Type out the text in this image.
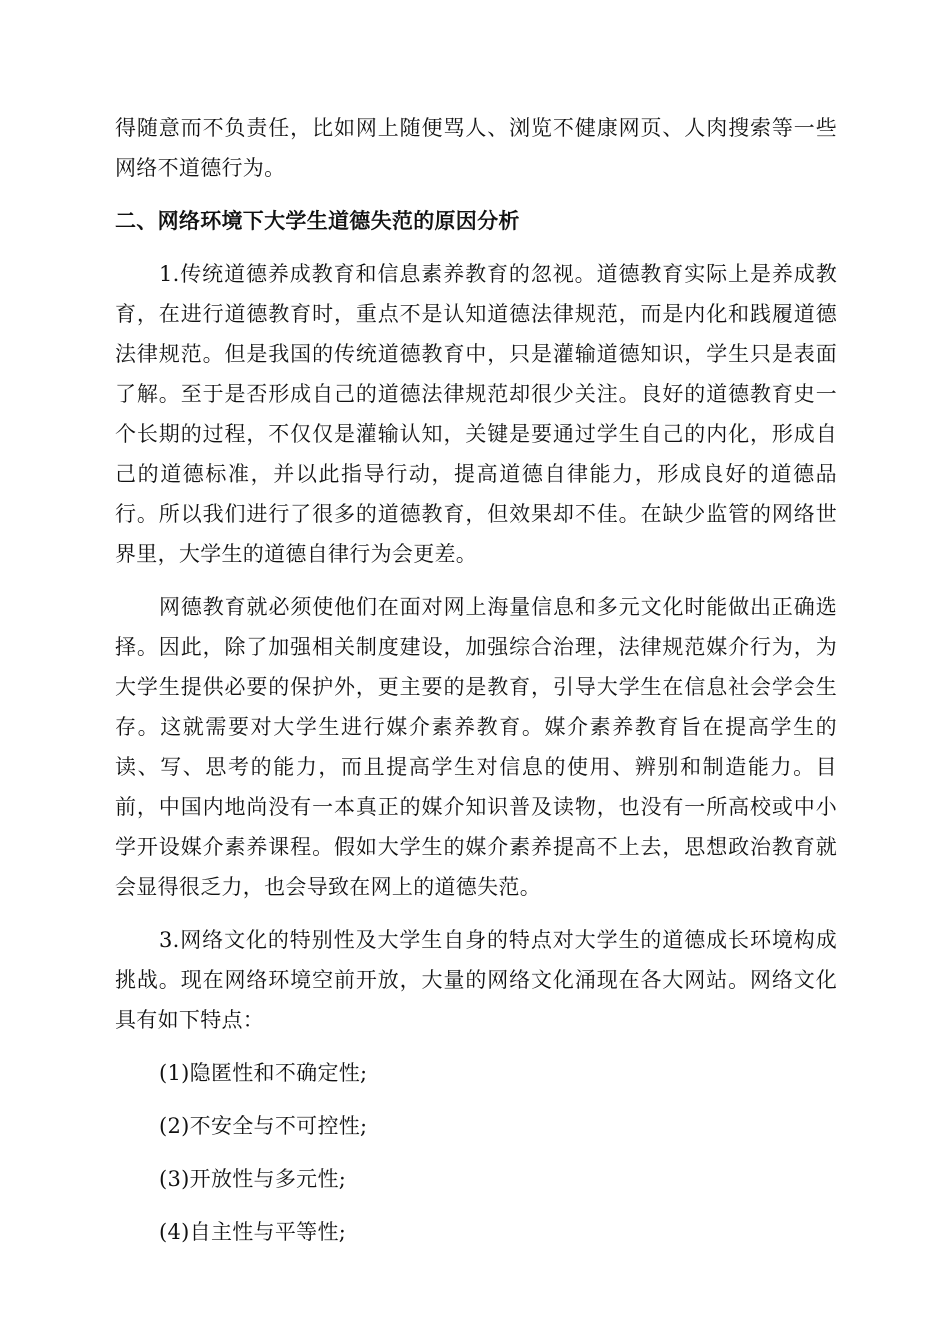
得随意而不负责任，比如网上随便骂人、浏览不健康网页、人肉搜索等一些网络不道德行为。

二、网络环境下大学生道德失范的原因分析

1.传统道德养成教育和信息素养教育的忽视。道德教育实际上是养成教育，在进行道德教育时，重点不是认知道德法律规范，而是内化和践履道德法律规范。但是我国的传统道德教育中，只是灌输道德知识，学生只是表面了解。至于是否形成自己的道德法律规范却很少关注。良好的道德教育史一个长期的过程，不仅仅是灌输认知，关键是要通过学生自己的内化，形成自己的道德标准，并以此指导行动，提高道德自律能力，形成良好的道德品行。所以我们进行了很多的道德教育，但效果却不佳。在缺少监管的网络世界里，大学生的道德自律行为会更差。

网德教育就必须使他们在面对网上海量信息和多元文化时能做出正确选择。因此，除了加强相关制度建设，加强综合治理，法律规范媒介行为，为大学生提供必要的保护外，更主要的是教育，引导大学生在信息社会学会生存。这就需要对大学生进行媒介素养教育。媒介素养教育旨在提高学生的读、写、思考的能力，而且提高学生对信息的使用、辨别和制造能力。目前，中国内地尚没有一本真正的媒介知识普及读物，也没有一所高校或中小学开设媒介素养课程。假如大学生的媒介素养提高不上去，思想政治教育就会显得很乏力，也会导致在网上的道德失范。

3.网络文化的特别性及大学生自身的特点对大学生的道德成长环境构成挑战。现在网络环境空前开放，大量的网络文化涌现在各大网站。网络文化具有如下特点：

(1)隐匿性和不确定性;
(2)不安全与不可控性;
(3)开放性与多元性;
(4)自主性与平等性;
